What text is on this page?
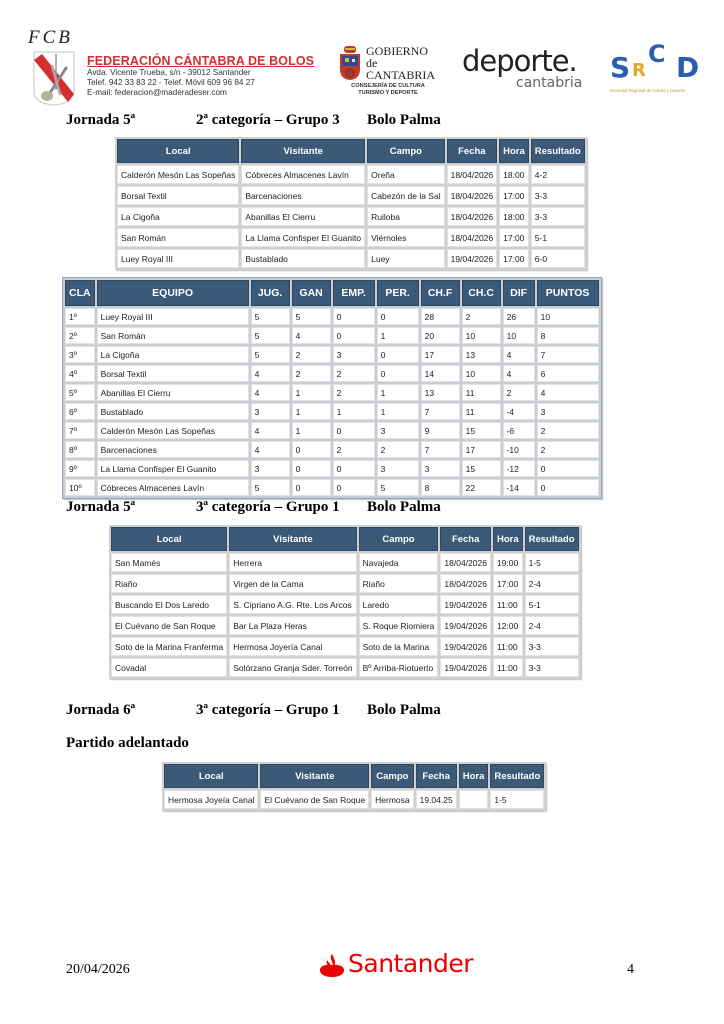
FCB
FEDERACIÓN CÁNTABRA DE BOLOS
Avda. Vicente Trueba, s/n - 39012 Santander
Telef. 942 33 83 22 - Telef. Móvil 609 96 84 27
E-mail: federacion@maderadeser.com
GOBIERNO
de
CANTABRIA
CONSEJERÍA DE CULTURA
TURISMO Y DEPORTE
deporte.
cantabria S R
C D
Sociedad Regional de Cultura y Deporte
Jornada 5ª	2ª categoría – Grupo 3 Bolo Palma
Local	Visitante	Campo	Fecha	Hora	Resultado
Calderón Mesón Las Sopeñas	Cóbreces Almacenes Lavín	Oreña	18/04/2026	18:00	4-2
Borsal Textil	Barcenaciones	Cabezón de la Sal	18/04/2026	17:00	3-3
La Cigoña	Abanillas El Cierru	Ruiloba	18/04/2026	18:00	3-3
San Román	La Llama Confisper El Guanito	Viérnoles	18/04/2026	17:00	5-1
Luey Royal III	Bustablado	Luey	19/04/2026	17:00	6-0
CLA	EQUIPO	JUG.	GAN	EMP.	PER.	CH.F	CH.C	DIF	PUNTOS
1º	Luey Royal III	5	5	0	0	28	2	26	10
2º	San Román	5	4	0	1	20	10	10	8
3º	La Cigoña	5	2	3	0	17	13	4	7
4º	Borsal Textil	4	2	2	0	14	10	4	6
5º	Abanillas El Cierru	4	1	2	1	13	11	2	4
6º	Bustablado	3	1	1	1	7	11	-4	3
7º	Calderón Mesón Las Sopeñas	4	1	0	3	9	15	-6	2
8º	Barcenaciones	4	0	2	2	7	17	-10	2
9º	La Llama Confisper El Guanito	3	0	0	3	3	15	-12	0
10º	Cóbreces Almacenes Lavín	5	0	0	5	8	22	-14	0
Jornada 5ª	3ª categoría – Grupo 1 Bolo Palma
Local	Visitante	Campo	Fecha	Hora	Resultado
San Mamés	Herrera	Navajeda	18/04/2026	19:00	1-5
Riaño	Virgen de la Cama	Riaño	18/04/2026	17:00	2-4
Buscando El Dos Laredo	S. Cipriano A.G. Rte. Los Arcos	Laredo	19/04/2026	11:00	5-1
El Cuévano de San Roque	Bar La Plaza Heras	S. Roque Riomiera	19/04/2026	12:00	2-4
Soto de la Marina Franferma	Hermosa Joyería Canal	Soto de la Marina	19/04/2026	11:00	3-3
Covadal	Solórzano Granja Sder. Torreón	Bº Arriba-Riotuerto	19/04/2026	11:00	3-3
Jornada 6ª	3ª categoría – Grupo 1 Bolo Palma
Partido adelantado
Local	Visitante	Campo	Fecha	Hora	Resultado
Hermosa Joyeía Canal	El Cuévano de San Roque	Hermosa	19.04.25		1-5
20/04/2026	Santander	4
